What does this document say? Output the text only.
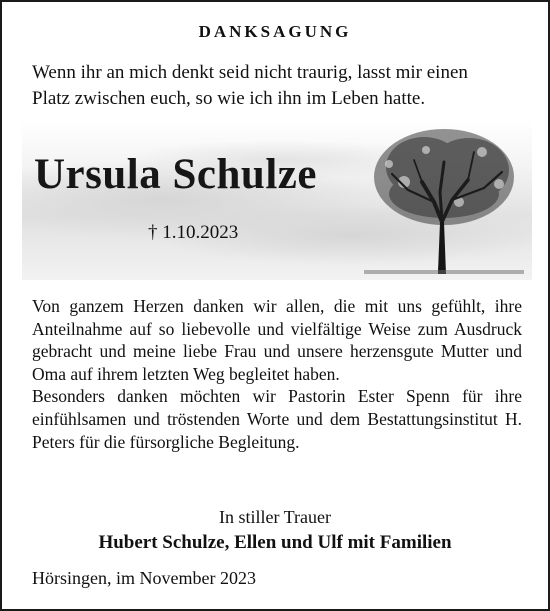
DANKSAGUNG
Wenn ihr an mich denkt seid nicht traurig, lasst mir einen
Platz zwischen euch, so wie ich ihn im Leben hatte.
Ursula Schulze
† 1.10.2023

Von ganzem Herzen danken wir allen, die mit uns gefühlt, ihre Anteilnahme auf so liebevolle und vielfältige Weise zum Ausdruck gebracht und meine liebe Frau und unsere herzensgute Mutter und Oma auf ihrem letzten Weg begleitet haben.

Besonders danken möchten wir Pastorin Ester Spenn für ihre einfühlsamen und tröstenden Worte und dem Bestattungsinstitut H. Peters für die fürsorgliche Begleitung.

In stiller Trauer
Hubert Schulze, Ellen und Ulf mit Familien
Hörsingen, im November 2023
